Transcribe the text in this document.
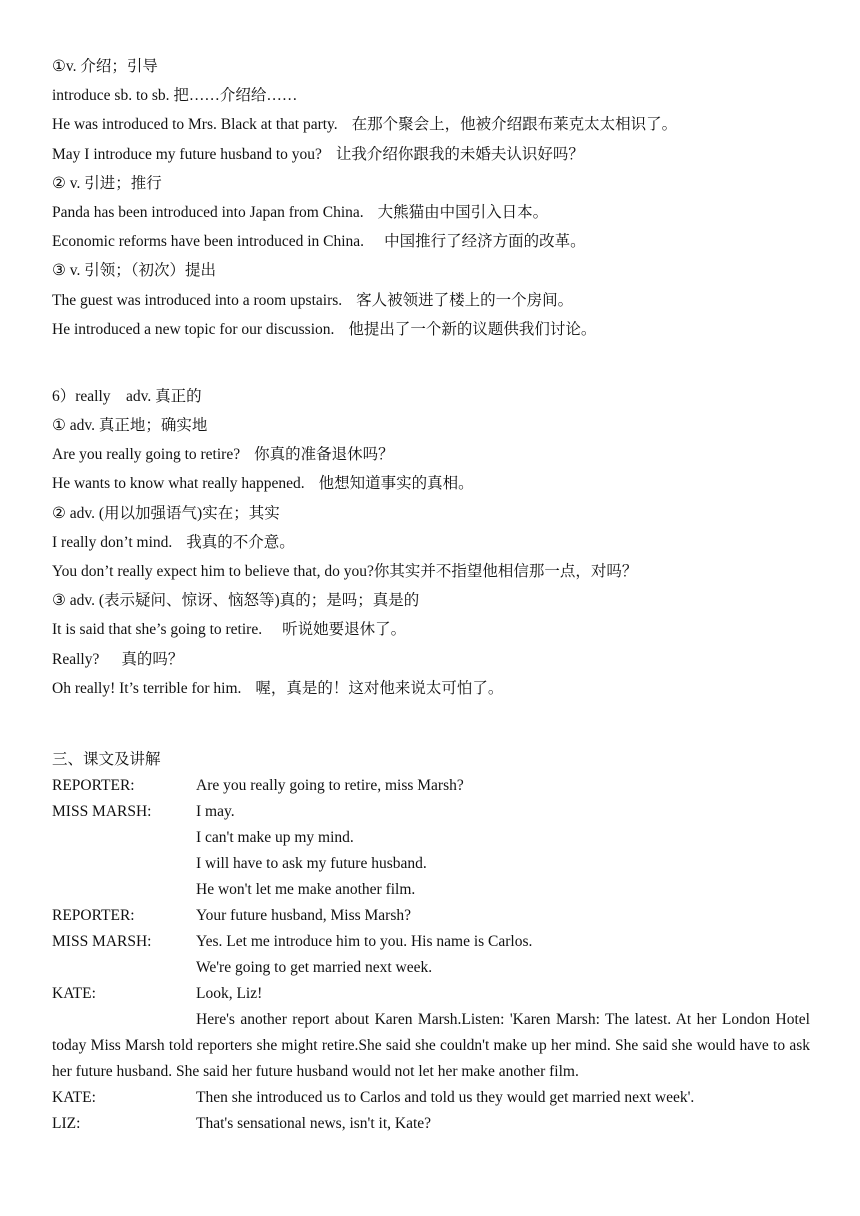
①v. 介绍；引导
introduce sb. to sb. 把……介绍给……
He was introduced to Mrs. Black at that party. 在那个聚会上，他被介绍跟布莱克太太相识了。
May I introduce my future husband to you? 让我介绍你跟我的未婚夫认识好吗？
② v. 引进；推行
Panda has been introduced into Japan from China. 大熊猫由中国引入日本。
Economic reforms have been introduced in China. 中国推行了经济方面的改革。
③ v. 引领；（初次）提出
The guest was introduced into a room upstairs. 客人被领进了楼上的一个房间。
He introduced a new topic for our discussion. 他提出了一个新的议题供我们讨论。
6）really　adv. 真正的
① adv. 真正地；确实地
Are you really going to retire? 你真的准备退休吗？
He wants to know what really happened. 他想知道事实的真相。
② adv. (用以加强语气)实在；其实
I really don’t mind. 我真的不介意。
You don’t really expect him to believe that, do you?你其实并不指望他相信那一点，对吗？
③ adv. (表示疑问、惊讶、恼怒等)真的；是吗；真是的
It is said that she’s going to retire. 听说她要退休了。
Really? 真的吗？
Oh really! It’s terrible for him. 喔，真是的！这对他来说太可怕了。
三、课文及讲解
REPORTER:	Are you really going to retire, miss Marsh?
MISS MARSH:	I may.
I can't make up my mind.
I will have to ask my future husband.
He won't let me make another film.
REPORTER:	Your future husband, Miss Marsh?
MISS MARSH:	Yes. Let me introduce him to you. His name is Carlos.
We're going to get married next week.
KATE:	Look, Liz!
Here's another report about Karen Marsh.Listen: 'Karen Marsh: The latest. At her London Hotel today Miss Marsh told reporters she might retire.She said she couldn't make up her mind. She said she would have to ask her future husband. She said her future husband would not let her make another film.
KATE:	Then she introduced us to Carlos and told us they would get married next week'.
LIZ:	That's sensational news, isn't it, Kate?
